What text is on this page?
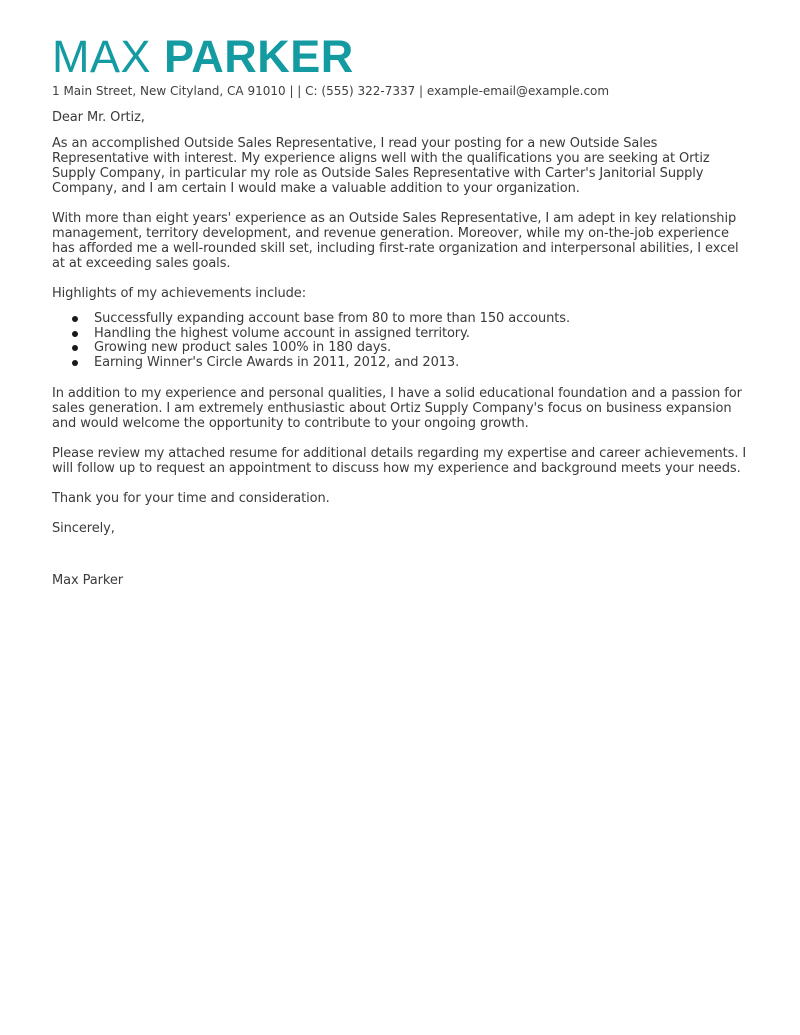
MAX PARKER
1 Main Street, New Cityland, CA 91010 | | C: (555) 322-7337 | example-email@example.com

Dear Mr. Ortiz,

As an accomplished Outside Sales Representative, I read your posting for a new Outside Sales Representative with interest. My experience aligns well with the qualifications you are seeking at Ortiz Supply Company, in particular my role as Outside Sales Representative with Carter's Janitorial Supply Company, and I am certain I would make a valuable addition to your organization.

With more than eight years' experience as an Outside Sales Representative, I am adept in key relationship management, territory development, and revenue generation. Moreover, while my on-the-job experience has afforded me a well-rounded skill set, including first-rate organization and interpersonal abilities, I excel at at exceeding sales goals.

Highlights of my achievements include:

Successfully expanding account base from 80 to more than 150 accounts.
Handling the highest volume account in assigned territory.
Growing new product sales 100% in 180 days.
Earning Winner's Circle Awards in 2011, 2012, and 2013.

In addition to my experience and personal qualities, I have a solid educational foundation and a passion for sales generation. I am extremely enthusiastic about Ortiz Supply Company's focus on business expansion and would welcome the opportunity to contribute to your ongoing growth.

Please review my attached resume for additional details regarding my expertise and career achievements. I will follow up to request an appointment to discuss how my experience and background meets your needs.

Thank you for your time and consideration.

Sincerely,

Max Parker
